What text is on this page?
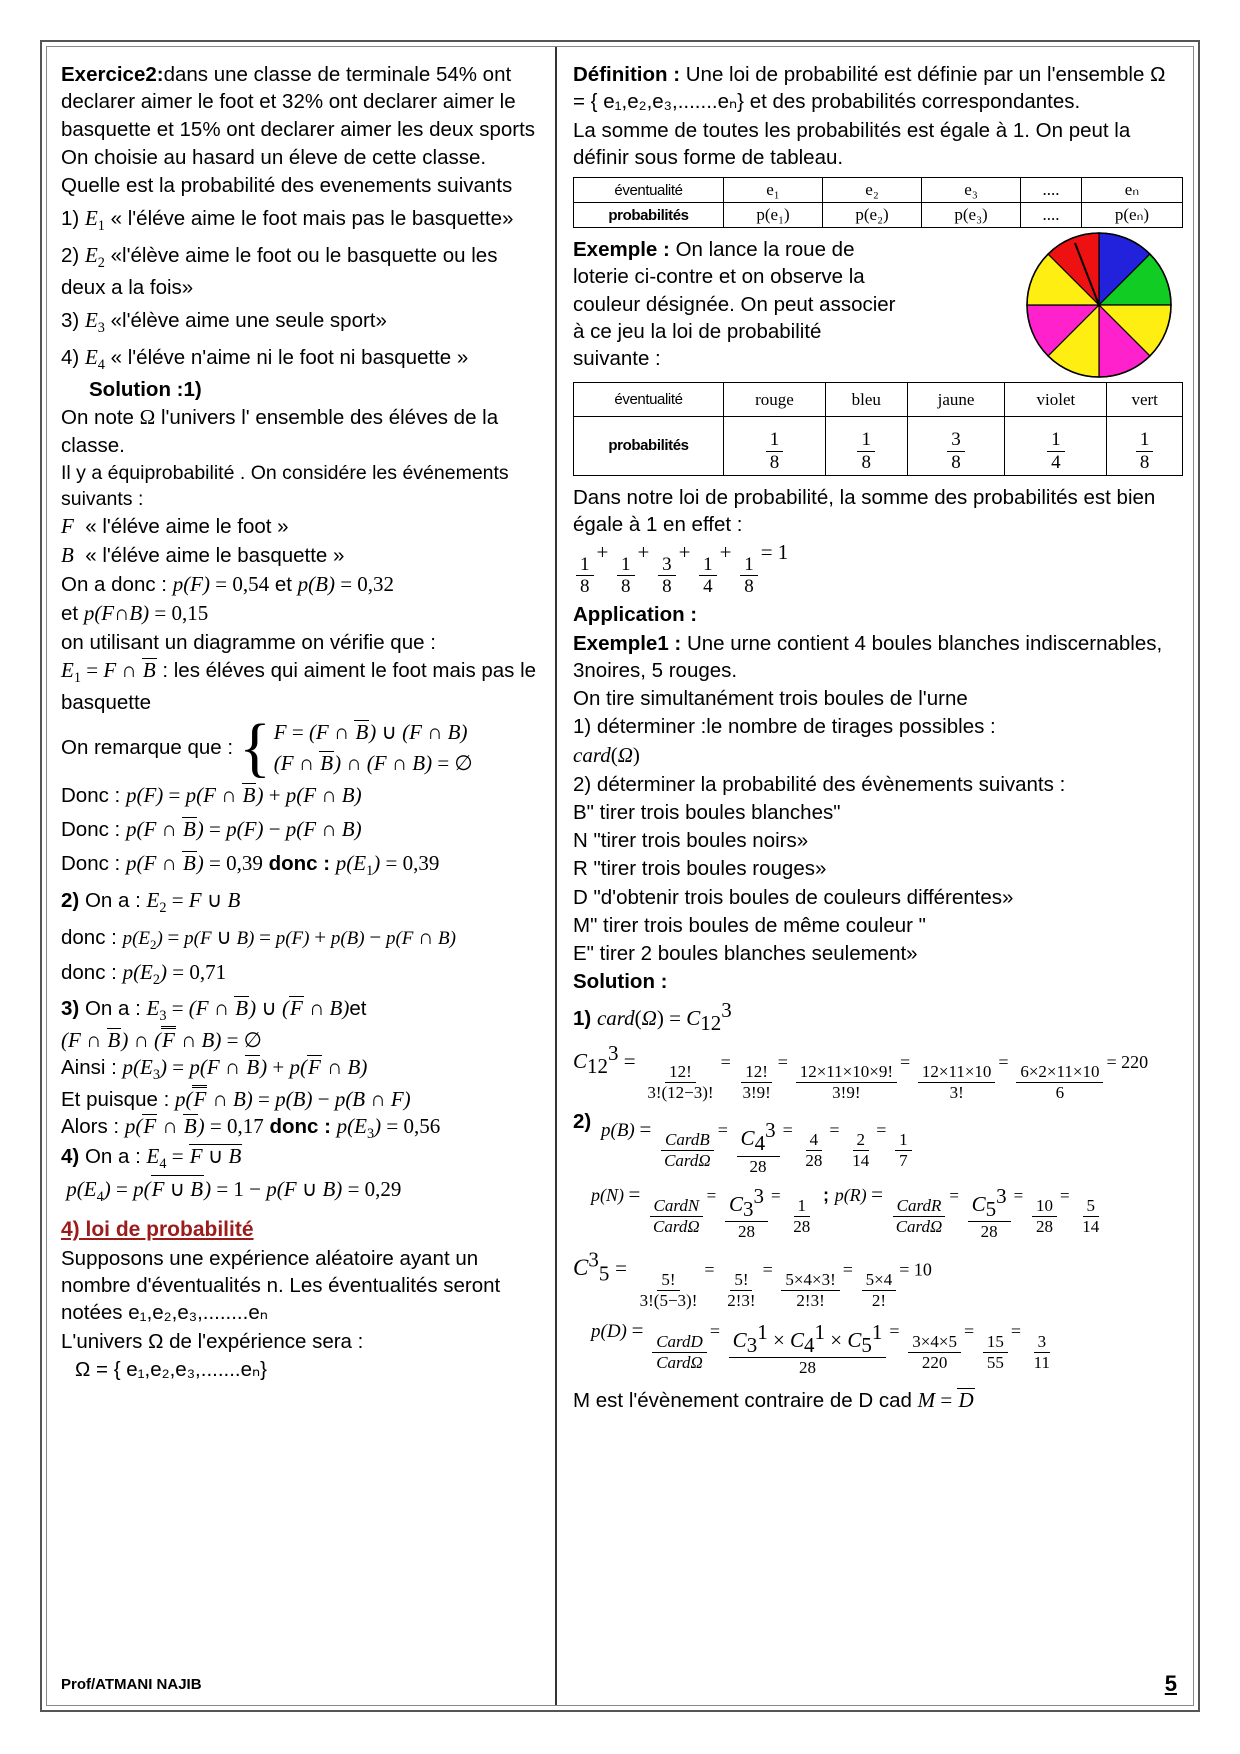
Exercice2:dans une classe de terminale 54% ont declarer aimer le foot et 32% ont declarer aimer le basquette et 15% ont declarer aimer les deux sports

On choisie au hasard un éleve de cette classe.

Quelle est la probabilité des evenements suivants

1) $E_1$ « l'éléve aime le foot mais pas le basquette»

2) $E_2$ «l'élève aime le foot ou le basquette ou les deux a la fois»

3) $E_3$ «l'élève aime une seule sport»

4) $E_4$ « l'éléve n'aime ni le foot ni basquette »

Solution :1)

On note Ω l'univers l' ensemble des éléves de la classe.

Il y a équiprobabilité . On considére les événements suivants :

F « l'éléve aime le foot »

B « l'éléve aime le basquette »

On a donc : p(F) = 0,54 et p(B) = 0,32

et p(F∩B) = 0,15

on utilisant un diagramme on vérifie que :

$E_1 = F$ ∩ B : les éléves qui aiment le foot mais pas le basquette

On remarque que : { F = (F ∩ B) ∪ (F ∩ B)
(F ∩ B) ∩ (F ∩ B) = ∅

Donc : p(F) = p(F ∩ B) + p(F ∩ B)

Donc : p(F ∩ B) = p(F) − p(F ∩ B)

Donc : p(F ∩ B) = 0,39 donc : $p(E_1) = 0,39$

2) On a : $E_2 = F$ ∪ B

donc : $p(E_2) = p(F$ ∪ B) = p(F) + p(B) − p(F ∩ B)

donc : $p(E_2) = 0,71$

3) On a : $E_3 = (F$ ∩ B) ∪ (F ∩ B)et

(F ∩ B) ∩ (F ∩ B) = ∅

Ainsi : $p(E_3) = p(F$ ∩ B) + p(F ∩ B)

Et puisque : p(F ∩ B) = p(B) − p(B ∩ F)

Alors : p(F ∩ B) = 0,17 donc : $p(E_3) = 0,56$

4) On a : $E_4 = F$ ∪ B

$p(E_4) = p(F$ ∪ B) = 1 − p(F ∪ B) = 0,29

4) loi de probabilité

Supposons une expérience aléatoire ayant un nombre d'éventualités n. Les éventualités seront notées e₁,e₂,e₃,........eₙ

L'univers Ω de l'expérience sera :

Ω = { e₁,e₂,e₃,.......eₙ}

Prof/ATMANI NAJIB

Définition : Une loi de probabilité est définie par un l'ensemble Ω = { e₁,e₂,e₃,.......eₙ} et des probabilités correspondantes.

La somme de toutes les probabilités est égale à 1. On peut la définir sous forme de tableau.

éventualité	e₁	e₂	e₃	....	eₙ
probabilités	p(e₁)	p(e₂)	p(e₃)	....	p(eₙ)

Exemple : On lance la roue de loterie ci-contre et on observe la couleur désignée. On peut associer à ce jeu la loi de probabilité suivante :

éventualité	rouge	bleu	jaune	violet	vert
probabilités	$\frac{1}{8}$	$\frac{1}{8}$	$\frac{3}{8}$	$\frac{1}{4}$	$\frac{1}{8}$

Dans notre loi de probabilité, la somme des probabilités est bien égale à 1 en effet :

$\frac{1}{8}$
+
$\frac{1}{8}$
+
$\frac{3}{8}$
+
$\frac{1}{4}$
+
$\frac{1}{8}$
= 1

Application :

Exemple1 : Une urne contient 4 boules blanches indiscernables, 3noires, 5 rouges.

On tire simultanément trois boules de l'urne

1) déterminer :le nombre de tirages possibles :

card(Ω)

2) déterminer la probabilité des évènements suivants :

B" tirer trois boules blanches"

N "tirer trois boules noirs»

R "tirer trois boules rouges»

D "d'obtenir trois boules de couleurs différentes»

M" tirer trois boules de même couleur "

E" tirer 2 boules blanches seulement»

Solution :

1) card(Ω) = $C_{12}^3$

$C_{12}^3$ =
$\frac{12!}{3!(12-3)!}$
=
$\frac{12!}{3!9!}$
=
$\frac{12\times 11\times 10\times 9!}{3!9!}$
=
$\frac{12\times 11\times 10}{3!}$
=
$\frac{6\times 2\times 11\times 10}{6}$
= 220

2) p(B) =
$\frac{\text{CardB}}{\text{CardΩ}}$
= $\frac{C_4^3}{28}$ =
$\frac{4}{28}$
=
$\frac{2}{14}$
=
$\frac{1}{7}$

p(N) =
$\frac{\text{CardN}}{\text{CardΩ}}$
= $\frac{C_3^3}{28}$ =
$\frac{1}{28}$
; p(R) =
$\frac{\text{CardR}}{\text{CardΩ}}$
= $\frac{C_5^3}{28}$ =
$\frac{10}{28}$
=
$\frac{5}{14}$

$C^3_5$ =
$\frac{5!}{3!(5-3)!}$
=
$\frac{5!}{2!3!}$
=
$\frac{5\times 4\times 3!}{2!3!}$
=
$\frac{5\times 4}{2!}$
= 10

p(D) =
$\frac{\text{CardD}}{\text{CardΩ}}$
= $\frac{C_3^1 \times C_4^1 \times C_5^1}{28}$ =
$\frac{3\times 4\times 5}{220}$
=
$\frac{15}{55}$
=
$\frac{3}{11}$

M est l'évènement contraire de D cad M = D

5
